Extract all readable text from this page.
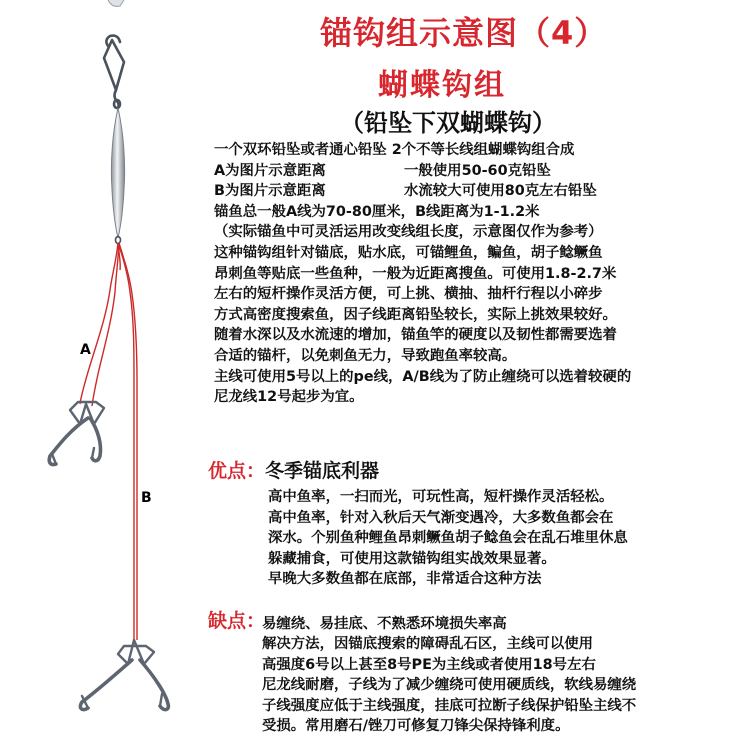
A
B
锚钩组示意图（4）
蝴蝶钩组
（铅坠下双蝴蝶钩）
一个双环铅坠或者通心铅坠 2个不等长线组蝴蝶钩组合成
A为图片示意距离	一般使用50-60克铅坠
B为图片示意距离	水流较大可使用80克左右铅坠
锚鱼总一般A线为70-80厘米，B线距离为1-1.2米
（实际锚鱼中可灵活运用改变线组长度，示意图仅作为参考）
这种锚钩组针对锚底，贴水底，可锚鲤鱼，鳊鱼，胡子鲶鳜鱼
昂刺鱼等贴底一些鱼种，一般为近距离搜鱼。可使用1.8-2.7米
左右的短杆操作灵活方便，可上挑、横抽、抽杆行程以小碎步
方式高密度搜索鱼，因子线距离铅坠较长，实际上挑效果较好。
随着水深以及水流速的增加，锚鱼竿的硬度以及韧性都需要选着
合适的锚杆，以免刺鱼无力，导致跑鱼率较高。
主线可使用5号以上的pe线，A/B线为了防止缠绕可以选着较硬的
尼龙线12号起步为宜。
优点：冬季锚底利器
高中鱼率，一扫而光，可玩性高，短杆操作灵活轻松。
高中鱼率，针对入秋后天气渐变遇冷，大多数鱼都会在
深水。个别鱼种鲤鱼昂刺鳜鱼胡子鲶鱼会在乱石堆里休息
躲藏捕食，可使用这款锚钩组实战效果显著。
早晚大多数鱼都在底部，非常适合这种方法
缺点：
易缠绕、易挂底、不熟悉环境损失率高
解决方法，因锚底搜索的障碍乱石区，主线可以使用
高强度6号以上甚至8号PE为主线或者使用18号左右
尼龙线耐磨，子线为了减少缠绕可使用硬质线，软线易缠绕
子线强度应低于主线强度，挂底可拉断子线保护铅坠主线不
受损。常用磨石/锉刀可修复刀锋尖保持锋利度。
